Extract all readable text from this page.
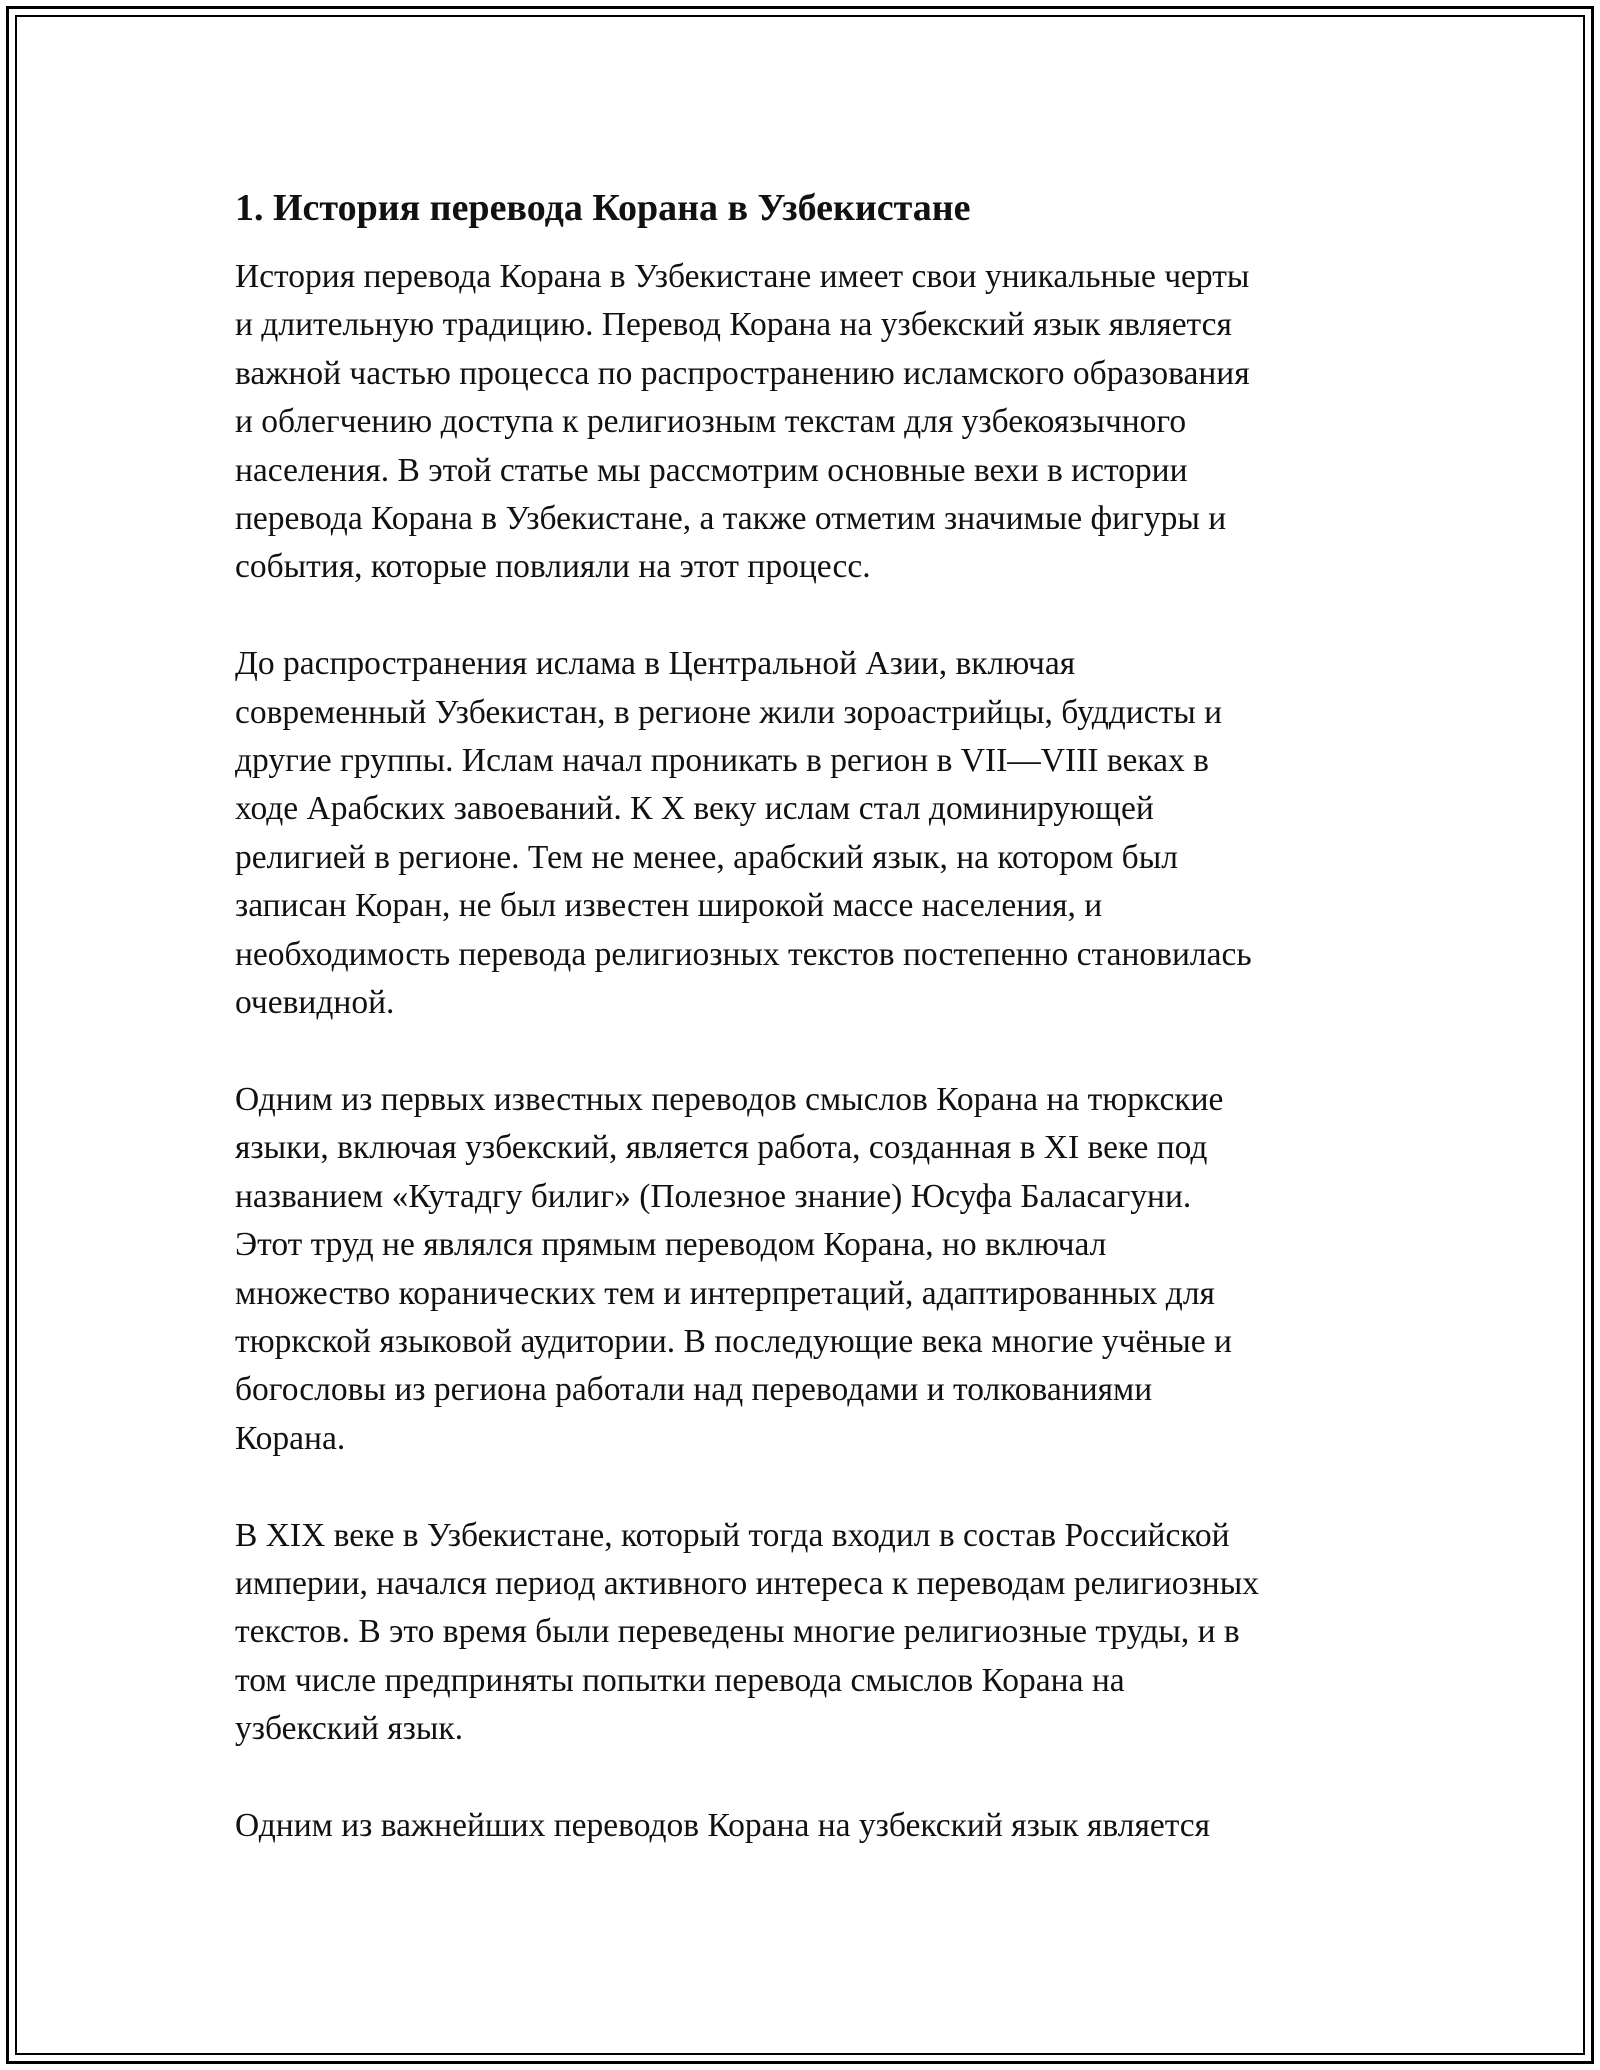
1. История перевода Корана в Узбекистане

История перевода Корана в Узбекистане имеет свои уникальные черты
и длительную традицию. Перевод Корана на узбекский язык является
важной частью процесса по распространению исламского образования
и облегчению доступа к религиозным текстам для узбекоязычного
населения. В этой статье мы рассмотрим основные вехи в истории
перевода Корана в Узбекистане, а также отметим значимые фигуры и
события, которые повлияли на этот процесс.

До распространения ислама в Центральной Азии, включая
современный Узбекистан, в регионе жили зороастрийцы, буддисты и
другие группы. Ислам начал проникать в регион в VII—VIII веках в
ходе Арабских завоеваний. К X веку ислам стал доминирующей
религией в регионе. Тем не менее, арабский язык, на котором был
записан Коран, не был известен широкой массе населения, и
необходимость перевода религиозных текстов постепенно становилась
очевидной.

Одним из первых известных переводов смыслов Корана на тюркские
языки, включая узбекский, является работа, созданная в XI веке под
названием «Кутадгу билиг» (Полезное знание) Юсуфа Баласагуни.
Этот труд не являлся прямым переводом Корана, но включал
множество коранических тем и интерпретаций, адаптированных для
тюркской языковой аудитории. В последующие века многие учёные и
богословы из региона работали над переводами и толкованиями
Корана.

В XIX веке в Узбекистане, который тогда входил в состав Российской
империи, начался период активного интереса к переводам религиозных
текстов. В это время были переведены многие религиозные труды, и в
том числе предприняты попытки перевода смыслов Корана на
узбекский язык.

Одним из важнейших переводов Корана на узбекский язык является
